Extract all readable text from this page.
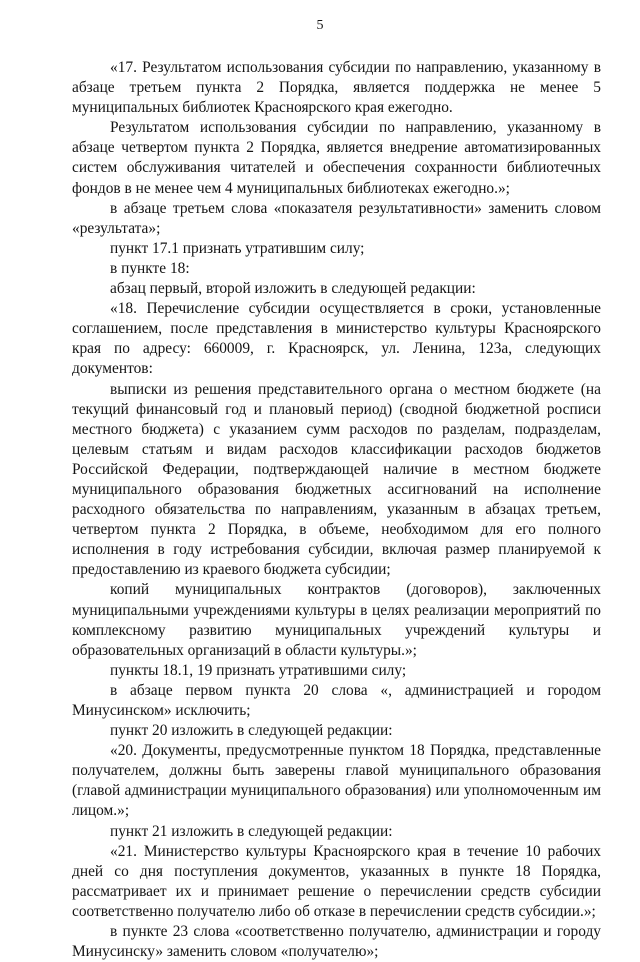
5

«17. Результатом использования субсидии по направлению, указанному в абзаце третьем пункта 2 Порядка, является поддержка не менее 5 муниципальных библиотек Красноярского края ежегодно.

Результатом использования субсидии по направлению, указанному в абзаце четвертом пункта 2 Порядка, является внедрение автоматизированных систем обслуживания читателей и обеспечения сохранности библиотечных фондов в не менее чем 4 муниципальных библиотеках ежегодно.»;

в абзаце третьем слова «показателя результативности» заменить словом «результата»;

пункт 17.1 признать утратившим силу;

в пункте 18:

абзац первый, второй изложить в следующей редакции:

«18. Перечисление субсидии осуществляется в сроки, установленные соглашением, после представления в министерство культуры Красноярского края по адресу: 660009, г. Красноярск, ул. Ленина, 123а, следующих документов:

выписки из решения представительного органа о местном бюджете (на текущий финансовый год и плановый период) (сводной бюджетной росписи местного бюджета) с указанием сумм расходов по разделам, подразделам, целевым статьям и видам расходов классификации расходов бюджетов Российской Федерации, подтверждающей наличие в местном бюджете муниципального образования бюджетных ассигнований на исполнение расходного обязательства по направлениям, указанным в абзацах третьем, четвертом пункта 2 Порядка, в объеме, необходимом для его полного исполнения в году истребования субсидии, включая размер планируемой к предоставлению из краевого бюджета субсидии;

копий муниципальных контрактов (договоров), заключенных муниципальными учреждениями культуры в целях реализации мероприятий по комплексному развитию муниципальных учреждений культуры и образовательных организаций в области культуры.»;

пункты 18.1, 19 признать утратившими силу;

в абзаце первом пункта 20 слова «, администрацией и городом Минусинском» исключить;

пункт 20 изложить в следующей редакции:

«20. Документы, предусмотренные пунктом 18 Порядка, представленные получателем, должны быть заверены главой муниципального образования (главой администрации муниципального образования) или уполномоченным им лицом.»;

пункт 21 изложить в следующей редакции:

«21. Министерство культуры Красноярского края в течение 10 рабочих дней со дня поступления документов, указанных в пункте 18 Порядка, рассматривает их и принимает решение о перечислении средств субсидии соответственно получателю либо об отказе в перечислении средств субсидии.»;

в пункте 23 слова «соответственно получателю, администрации и городу Минусинску» заменить словом «получателю»;
